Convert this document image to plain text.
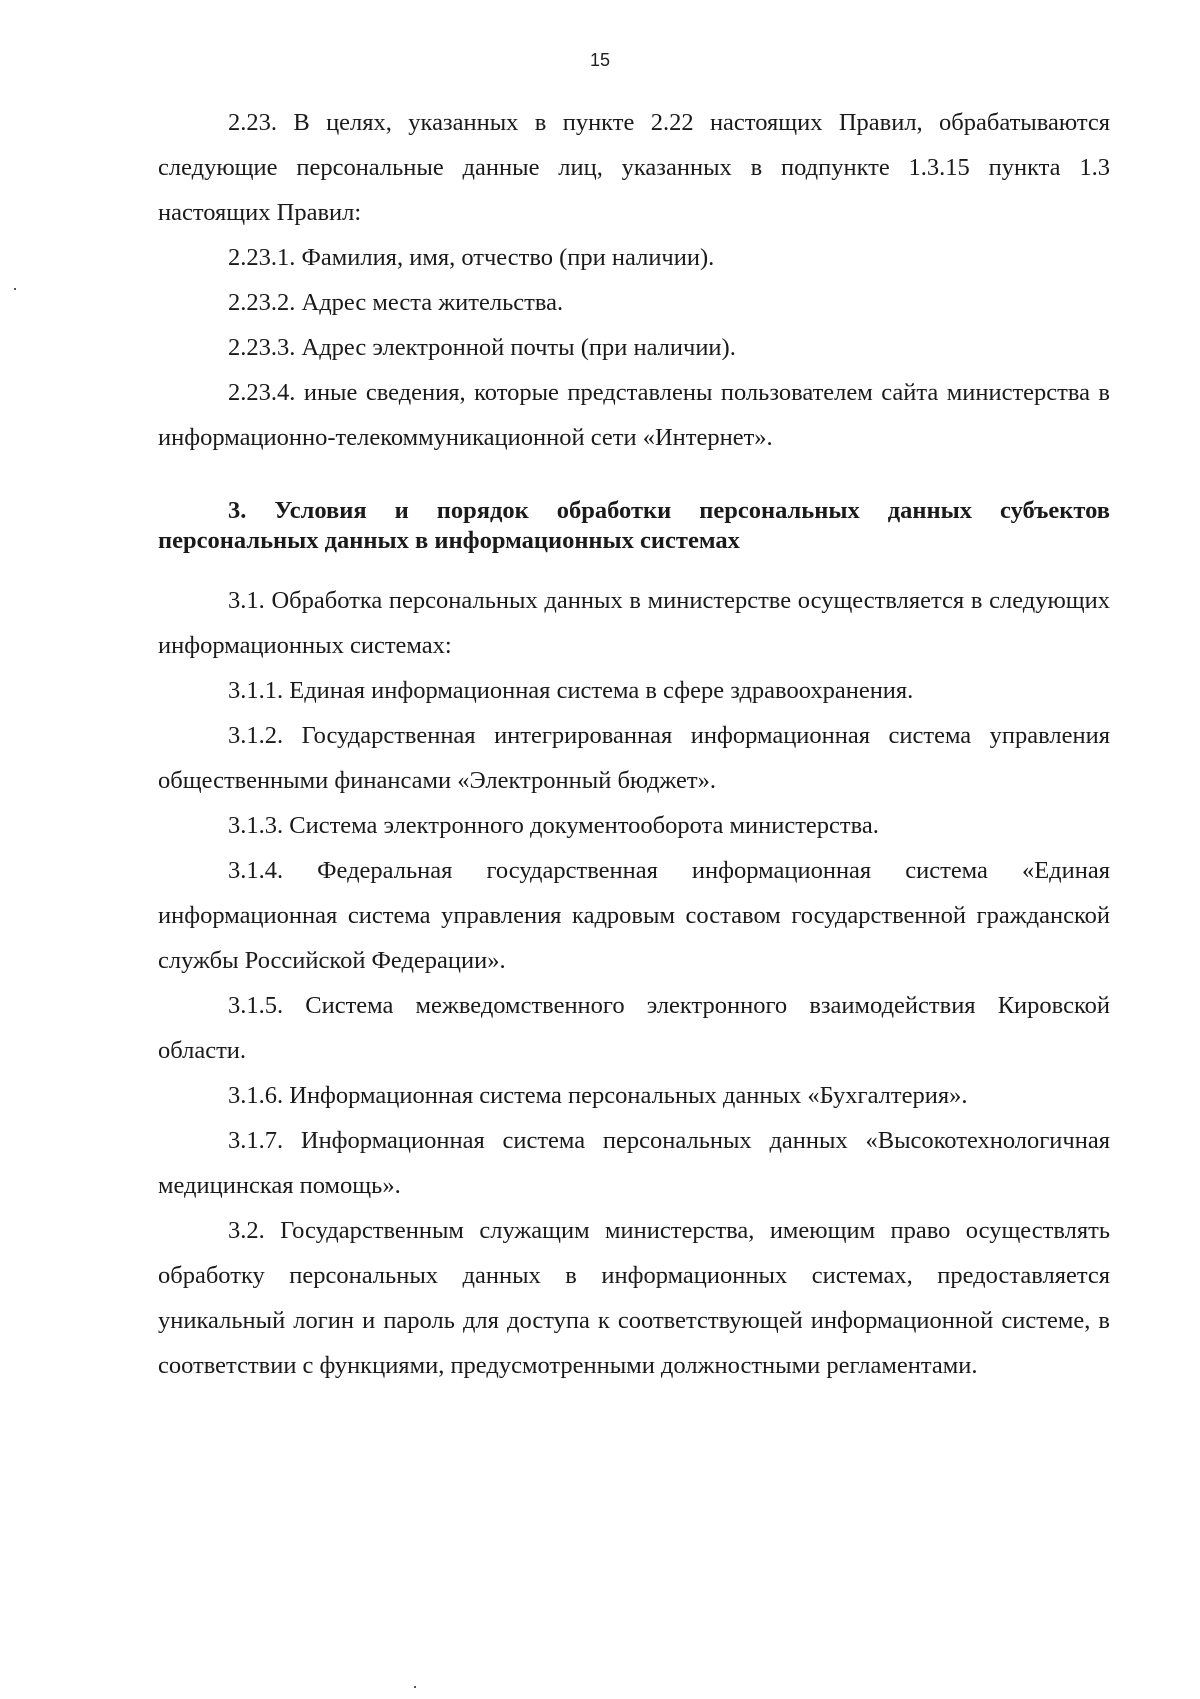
15

2.23. В целях, указанных в пункте 2.22 настоящих Правил, обрабатываются следующие персональные данные лиц, указанных в подпункте 1.3.15 пункта 1.3 настоящих Правил:

2.23.1. Фамилия, имя, отчество (при наличии).

2.23.2. Адрес места жительства.

2.23.3. Адрес электронной почты (при наличии).

2.23.4. иные сведения, которые представлены пользователем сайта министерства в информационно-телекоммуникационной сети «Интернет».

3. Условия и порядок обработки персональных данных субъектов персональных данных в информационных системах

3.1. Обработка персональных данных в министерстве осуществляется в следующих информационных системах:

3.1.1. Единая информационная система в сфере здравоохранения.

3.1.2. Государственная интегрированная информационная система управления общественными финансами «Электронный бюджет».

3.1.3. Система электронного документооборота министерства.

3.1.4. Федеральная государственная информационная система «Единая информационная система управления кадровым составом государственной гражданской службы Российской Федерации».

3.1.5. Система межведомственного электронного взаимодействия Кировской области.

3.1.6. Информационная система персональных данных «Бухгалтерия».

3.1.7. Информационная система персональных данных «Высокотехнологичная медицинская помощь».

3.2. Государственным служащим министерства, имеющим право осуществлять обработку персональных данных в информационных системах, предоставляется уникальный логин и пароль для доступа к соответствующей информационной системе, в соответствии с функциями, предусмотренными должностными регламентами.
